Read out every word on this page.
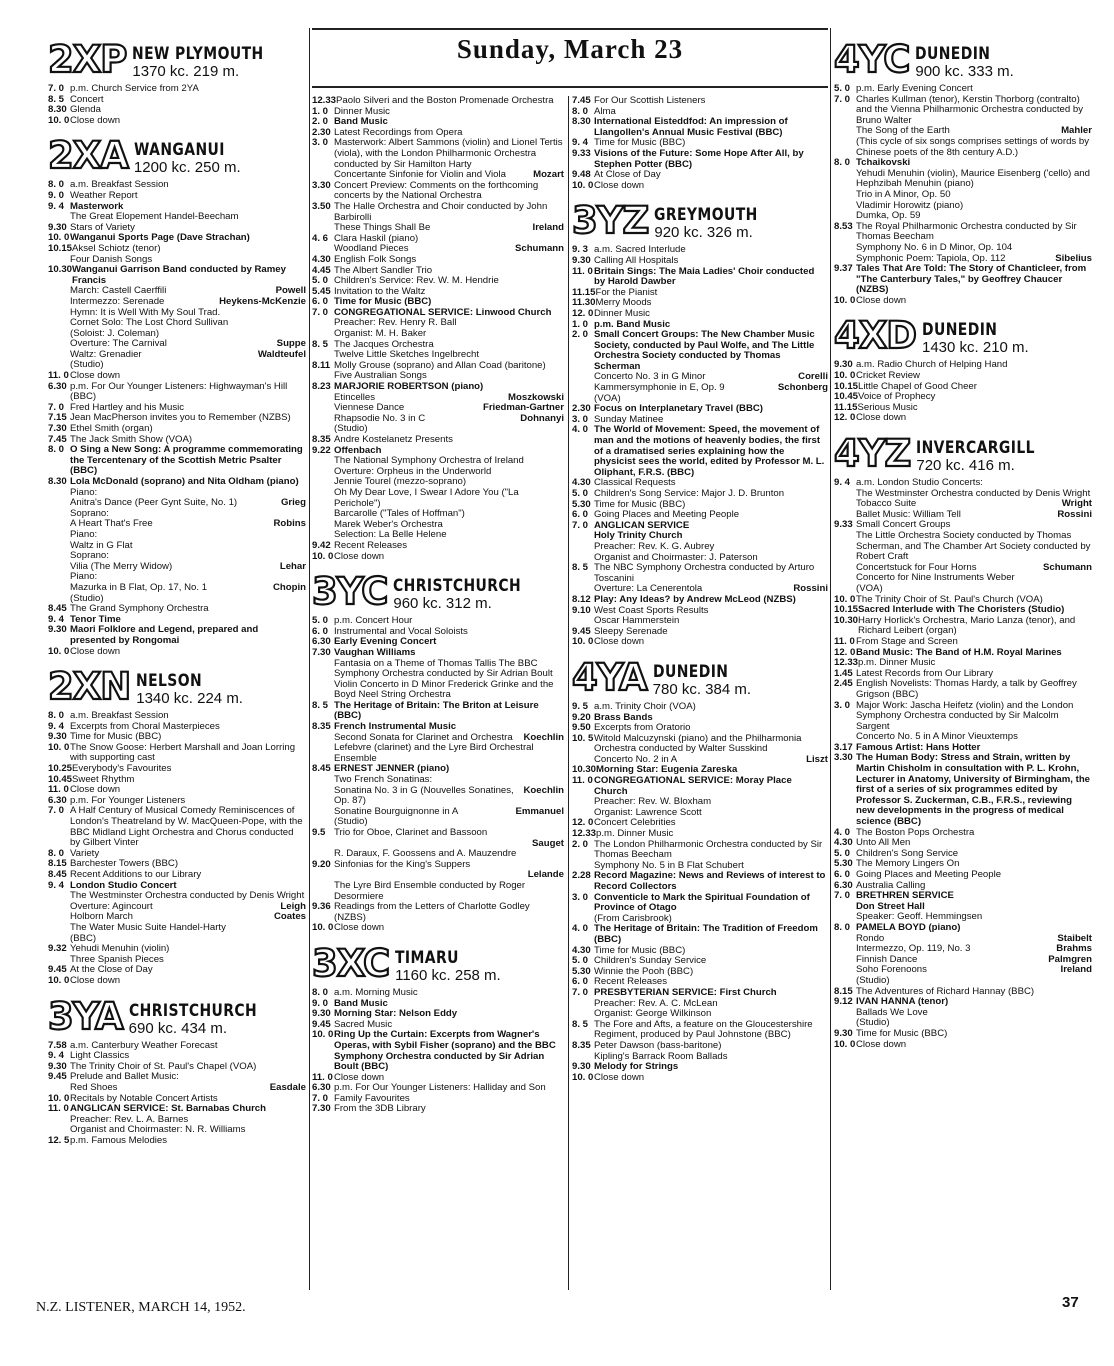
Sunday, March 23
2XP NEW PLYMOUTH
1370 kc. 219 m.
7. 0 p.m. Church Service from 2YA
8. 5 Concert
8.30 Glenda
10. 0 Close down
2XA WANGANUI
1200 kc. 250 m.
8. 0 a.m. Breakfast Session
9. 0 Weather Report
9. 4 Masterwork
The Great Elopement Handel-Beecham
9.30 Stars of Variety
10. 0 Wanganui Sports Page (Dave Strachan)
10.15 Aksel Schiotz (tenor)
Four Danish Songs
10.30 Wanganui Garrison Band conducted by Ramey Francis
March: Castell Caerffili	Powell
Intermezzo: Serenade	Heykens-McKenzie
Hymn: It is Well With My Soul Trad.
Cornet Solo: The Lost Chord Sullivan
(Soloist: J. Coleman)
Overture: The Carnival	Suppe
Waltz: Grenadier	Waldteufel
(Studio)
11. 0 Close down
6.30 p.m. For Our Younger Listeners: Highwayman's Hill (BBC)
7. 0 Fred Hartley and his Music
7.15 Jean MacPherson invites you to Remember (NZBS)
7.30 Ethel Smith (organ)
7.45 The Jack Smith Show (VOA)
8. 0 O Sing a New Song: A programme commemorating the Tercentenary of the Scottish Metric Psalter (BBC)
8.30 Lola McDonald (soprano) and Nita Oldham (piano)
Piano:
Anitra's Dance (Peer Gynt Suite, No. 1)	Grieg
Soprano:
A Heart That's Free	Robins
Piano:
Waltz in G Flat
Soprano:
Vilia (The Merry Widow)	Lehar
Piano:
Mazurka in B Flat, Op. 17, No. 1	Chopin
(Studio)
8.45 The Grand Symphony Orchestra
9. 4 Tenor Time
9.30 Maori Folklore and Legend, prepared and presented by Rongomai
10. 0 Close down
2XN NELSON
1340 kc. 224 m.
8. 0 a.m. Breakfast Session
9. 4 Excerpts from Choral Masterpieces
9.30 Time for Music (BBC)
10. 0 The Snow Goose: Herbert Marshall and Joan Lorring with supporting cast
10.25 Everybody's Favourites
10.45 Sweet Rhythm
11. 0 Close down
6.30 p.m. For Younger Listeners
7. 0 A Half Century of Musical Comedy Reminiscences of London's Theatreland by W. MacQueen-Pope, with the BBC Midland Light Orchestra and Chorus conducted by Gilbert Vinter
8. 0 Variety
8.15 Barchester Towers (BBC)
8.45 Recent Additions to our Library
9. 4 London Studio Concert
The Westminster Orchestra conducted by Denis Wright
Overture: Agincourt	Leigh
Holborn March	Coates
The Water Music Suite Handel-Harty
(BBC)
9.32 Yehudi Menuhin (violin)
Three Spanish Pieces
9.45 At the Close of Day
10. 0 Close down
3YA CHRISTCHURCH
690 kc. 434 m.
7.58 a.m. Canterbury Weather Forecast
9. 4 Light Classics
9.30 The Trinity Choir of St. Paul's Chapel (VOA)
9.45 Prelude and Ballet Music:
Red Shoes	Easdale
10. 0 Recitals by Notable Concert Artists
11. 0 ANGLICAN SERVICE: St. Barnabas Church
Preacher: Rev. L. A. Barnes
Organist and Choirmaster: N. R. Williams
12. 5 p.m. Famous Melodies
12.33 Paolo Silveri and the Boston Promenade Orchestra
1. 0 Dinner Music
2. 0 Band Music
2.30 Latest Recordings from Opera
3. 0 Masterwork: Albert Sammons (violin) and Lionel Tertis (viola), with the London Philharmonic Orchestra conducted by Sir Hamilton Harty
Concertante Sinfonie for Violin and Viola	Mozart
3.30 Concert Preview: Comments on the forthcoming concerts by the National Orchestra
3.50 The Halle Orchestra and Choir conducted by John Barbirolli
These Things Shall Be	Ireland
4. 6 Clara Haskil (piano)
Woodland Pieces	Schumann
4.30 English Folk Songs
4.45 The Albert Sandler Trio
5. 0 Children's Service: Rev. W. M. Hendrie
5.45 Invitation to the Waltz
6. 0 Time for Music (BBC)
7. 0 CONGREGATIONAL SERVICE: Linwood Church
Preacher: Rev. Henry R. Ball
Organist: M. H. Baker
8. 5 The Jacques Orchestra
Twelve Little Sketches Ingelbrecht
8.11 Molly Grouse (soprano) and Allan Coad (baritone)
Five Australian Songs
8.23 MARJORIE ROBERTSON (piano)
Etincelles	Moszkowski
Viennese Dance	Friedman-Gartner
Rhapsodie No. 3 in C	Dohnanyi
(Studio)
8.35 Andre Kostelanetz Presents
9.22 Offenbach
The National Symphony Orchestra of Ireland
Overture: Orpheus in the Underworld
Jennie Tourel (mezzo-soprano)
Oh My Dear Love, I Swear I Adore You ("La Perichole")
Barcarolle ("Tales of Hoffman")
Marek Weber's Orchestra
Selection: La Belle Helene
9.42 Recent Releases
10. 0 Close down
3YC CHRISTCHURCH
960 kc. 312 m.
5. 0 p.m. Concert Hour
6. 0 Instrumental and Vocal Soloists
6.30 Early Evening Concert
7.30 Vaughan Williams
Fantasia on a Theme of Thomas Tallis The BBC Symphony Orchestra conducted by Sir Adrian Boult
Violin Concerto in D Minor Frederick Grinke and the Boyd Neel String Orchestra
8. 5 The Heritage of Britain: The Briton at Leisure (BBC)
8.35 French Instrumental Music
Second Sonata for Clarinet and Orchestra Koechlin
Lefebvre (clarinet) and the Lyre Bird Orchestral Ensemble
8.45 ERNEST JENNER (piano)
Two French Sonatinas:
Sonatina No. 3 in G (Nouvelles Sonatines, Op. 87)
Koechlin
Sonatine Bourguignonne in A	Emmanuel
(Studio)
9.5 Trio for Oboe, Clarinet and Bassoon
Sauget
R. Daraux, F. Goossens and A. Mauzendre
9.20 Sinfonias for the King's Suppers
Lelande
The Lyre Bird Ensemble conducted by Roger Desormiere
9.36 Readings from the Letters of Charlotte Godley (NZBS)
10. 0 Close down
3XC TIMARU
1160 kc. 258 m.
8. 0 a.m. Morning Music
9. 0 Band Music
9.30 Morning Star: Nelson Eddy
9.45 Sacred Music
10. 0 Ring Up the Curtain: Excerpts from Wagner's Operas, with Sybil Fisher (soprano) and the BBC Symphony Orchestra conducted by Sir Adrian Boult (BBC)
11. 0 Close down
6.30 p.m. For Our Younger Listeners: Halliday and Son
7. 0 Family Favourites
7.30 From the 3DB Library
7.45 For Our Scottish Listeners
8. 0 Alma
8.30 International Eisteddfod: An impression of Llangollen's Annual Music Festival (BBC)
9. 4 Time for Music (BBC)
9.33 Visions of the Future: Some Hope After All, by Stephen Potter (BBC)
9.48 At Close of Day
10. 0 Close down
3YZ GREYMOUTH
920 kc. 326 m.
9. 3 a.m. Sacred Interlude
9.30 Calling All Hospitals
11. 0 Britain Sings: The Maia Ladies' Choir conducted by Harold Dawber
11.15 For the Pianist
11.30 Merry Moods
12. 0 Dinner Music
1. 0 p.m. Band Music
2. 0 Small Concert Groups: The New Chamber Music Society, conducted by Paul Wolfe, and The Little Orchestra Society conducted by Thomas Scherman
Concerto No. 3 in G Minor	Corelli
Kammersymphonie in E, Op. 9	Schonberg
(VOA)
2.30 Focus on Interplanetary Travel (BBC)
3. 0 Sunday Matinee
4. 0 The World of Movement: Speed, the movement of man and the motions of heavenly bodies, the first of a dramatised series explaining how the physicist sees the world, edited by Professor M. L. Oliphant, F.R.S. (BBC)
4.30 Classical Requests
5. 0 Children's Song Service: Major J. D. Brunton
5.30 Time for Music (BBC)
6. 0 Going Places and Meeting People
7. 0 ANGLICAN SERVICE
Holy Trinity Church
Preacher: Rev. K. G. Aubrey
Organist and Choirmaster: J. Paterson
8. 5 The NBC Symphony Orchestra conducted by Arturo Toscanini
Overture: La Cenerentola	Rossini
8.12 Play: Any Ideas? by Andrew McLeod (NZBS)
9.10 West Coast Sports Results
Oscar Hammerstein
9.45 Sleepy Serenade
10. 0 Close down
4YA DUNEDIN
780 kc. 384 m.
9. 5 a.m. Trinity Choir (VOA)
9.20 Brass Bands
9.50 Excerpts from Oratorio
10. 5 Witold Malcuzynski (piano) and the Philharmonia Orchestra conducted by Walter Susskind
Concerto No. 2 in A	Liszt
10.30 Morning Star: Eugenia Zareska
11. 0 CONGREGATIONAL SERVICE: Moray Place Church
Preacher: Rev. W. Bloxham
Organist: Lawrence Scott
12. 0 Concert Celebrities
12.33 p.m. Dinner Music
2. 0 The London Philharmonic Orchestra conducted by Sir Thomas Beecham
Symphony No. 5 in B Flat Schubert
2.28 Record Magazine: News and Reviews of interest to Record Collectors
3. 0 Conventicle to Mark the Spiritual Foundation of Province of Otago
(From Carisbrook)
4. 0 The Heritage of Britain: The Tradition of Freedom (BBC)
4.30 Time for Music (BBC)
5. 0 Children's Sunday Service
5.30 Winnie the Pooh (BBC)
6. 0 Recent Releases
7. 0 PRESBYTERIAN SERVICE: First Church
Preacher: Rev. A. C. McLean
Organist: George Wilkinson
8. 5 The Fore and Afts, a feature on the Gloucestershire Regiment, produced by Paul Johnstone (BBC)
8.35 Peter Dawson (bass-baritone)
Kipling's Barrack Room Ballads
9.30 Melody for Strings
10. 0 Close down
4YC DUNEDIN
900 kc. 333 m.
5. 0 p.m. Early Evening Concert
7. 0 Charles Kullman (tenor), Kerstin Thorborg (contralto) and the Vienna Philharmonic Orchestra conducted by Bruno Walter
The Song of the Earth	Mahler
(This cycle of six songs comprises settings of words by Chinese poets of the 8th century A.D.)
8. 0 Tchaikovski
Yehudi Menuhin (violin), Maurice Eisenberg ('cello) and Hephzibah Menuhin (piano)
Trio in A Minor, Op. 50
Vladimir Horowitz (piano)
Dumka, Op. 59
8.53 The Royal Philharmonic Orchestra conducted by Sir Thomas Beecham
Symphony No. 6 in D Minor, Op. 104
Symphonic Poem: Tapiola, Op. 112	Sibelius
9.37 Tales That Are Told: The Story of Chanticleer, from "The Canterbury Tales," by Geoffrey Chaucer (NZBS)
10. 0 Close down
4XD DUNEDIN
1430 kc. 210 m.
9.30 a.m. Radio Church of Helping Hand
10. 0 Cricket Review
10.15 Little Chapel of Good Cheer
10.45 Voice of Prophecy
11.15 Serious Music
12. 0 Close down
4YZ INVERCARGILL
720 kc. 416 m.
9. 4 a.m. London Studio Concerts:
The Westminster Orchestra conducted by Denis Wright
Tobacco Suite	Wright
Ballet Music: William Tell	Rossini
9.33 Small Concert Groups
The Little Orchestra Society conducted by Thomas Scherman, and The Chamber Art Society conducted by Robert Craft
Concertstuck for Four Horns	Schumann
Concerto for Nine Instruments Weber
(VOA)
10. 0 The Trinity Choir of St. Paul's Church (VOA)
10.15 Sacred Interlude with The Choristers (Studio)
10.30 Harry Horlick's Orchestra, Mario Lanza (tenor), and Richard Leibert (organ)
11. 0 From Stage and Screen
12. 0 Band Music: The Band of H.M. Royal Marines
12.33 p.m. Dinner Music
1.45 Latest Records from Our Library
2.45 English Novelists: Thomas Hardy, a talk by Geoffrey Grigson (BBC)
3. 0 Major Work: Jascha Heifetz (violin) and the London Symphony Orchestra conducted by Sir Malcolm Sargent
Concerto No. 5 in A Minor Vieuxtemps
3.17 Famous Artist: Hans Hotter
3.30 The Human Body: Stress and Strain, written by Martin Chisholm in consultation with P. L. Krohn, Lecturer in Anatomy, University of Birmingham, the first of a series of six programmes edited by Professor S. Zuckerman, C.B., F.R.S., reviewing new developments in the progress of medical science (BBC)
4. 0 The Boston Pops Orchestra
4.30 Unto All Men
5. 0 Children's Song Service
5.30 The Memory Lingers On
6. 0 Going Places and Meeting People
6.30 Australia Calling
7. 0 BRETHREN SERVICE
Don Street Hall
Speaker: Geoff. Hemmingsen
8. 0 PAMELA BOYD (piano)
Rondo	Staibelt
Intermezzo, Op. 119, No. 3	Brahms
Finnish Dance	Palmgren
Soho Forenoons	Ireland
(Studio)
8.15 The Adventures of Richard Hannay (BBC)
9.12 IVAN HANNA (tenor)
Ballads We Love
(Studio)
9.30 Time for Music (BBC)
10. 0 Close down
N.Z. LISTENER, MARCH 14, 1952.	37
